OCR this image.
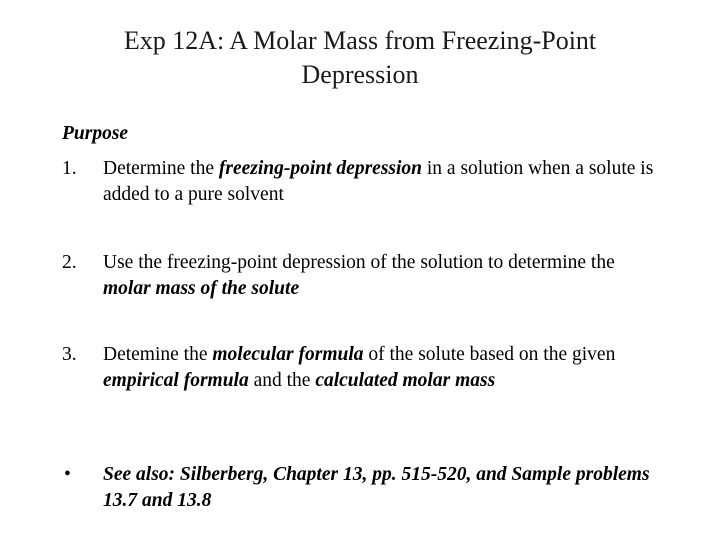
Exp 12A: A Molar Mass from Freezing-Point
Depression
Purpose
1. Determine the freezing-point depression in a solution when a solute is added to a pure solvent
2. Use the freezing-point depression of the solution to determine the molar mass of the solute
3. Detemine the molecular formula of the solute based on the given empirical formula and the calculated molar mass
• See also: Silberberg, Chapter 13, pp. 515-520, and Sample problems 13.7 and 13.8
